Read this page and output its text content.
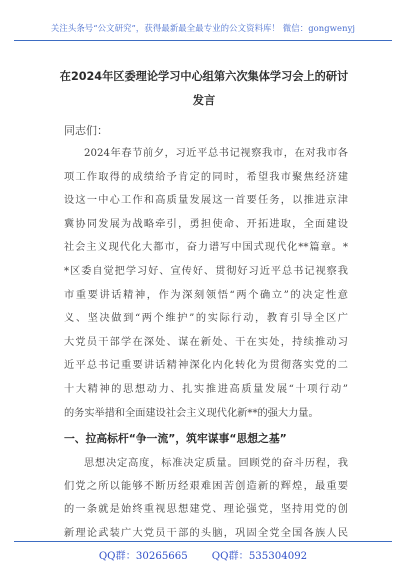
关注头条号“公文研究”，获得最新最全最专业的公文资料库！ 微信：gongwenyj
在2024年区委理论学习中心组第六次集体学习会上的研讨
发言
同志们：
2024年春节前夕，习近平总书记视察我市，在对我市各
项工作取得的成绩给予肯定的同时，希望我市聚焦经济建
设这一中心工作和高质量发展这一首要任务，以推进京津
冀协同发展为战略牵引，勇担使命、开拓进取，全面建设
社会主义现代化大都市，奋力谱写中国式现代化**篇章。*
*区委自觉把学习好、宣传好、贯彻好习近平总书记视察我
市重要讲话精神，作为深刻领悟“两个确立”的决定性意
义、坚决做到“两个维护”的实际行动，教育引导全区广
大党员干部学在深处、谋在新处、干在实处，持续推动习
近平总书记重要讲话精神深化内化转化为贯彻落实党的二
十大精神的思想动力、扎实推进高质量发展“十项行动”
的务实举措和全面建设社会主义现代化新**的强大力量。
一、拉高标杆“争一流”，筑牢谋事“思想之基”
思想决定高度，标准决定质量。回顾党的奋斗历程，我
们党之所以能够不断历经艰难困苦创造新的辉煌，最重要
的一条就是始终重视思想建党、理论强党，坚持用党的创
新理论武装广大党员干部的头脑，巩固全党全国各族人民
QQ群：30265665 QQ群：535304092
